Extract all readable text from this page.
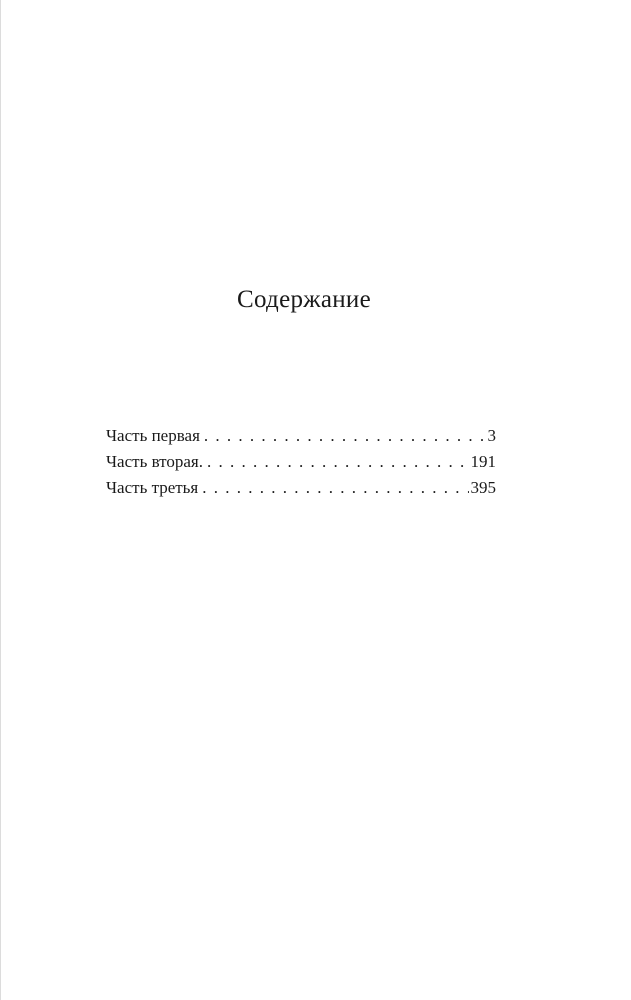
Содержание
Часть первая . . .	3
Часть вторая. . . .	191
Часть третья . . .	395
